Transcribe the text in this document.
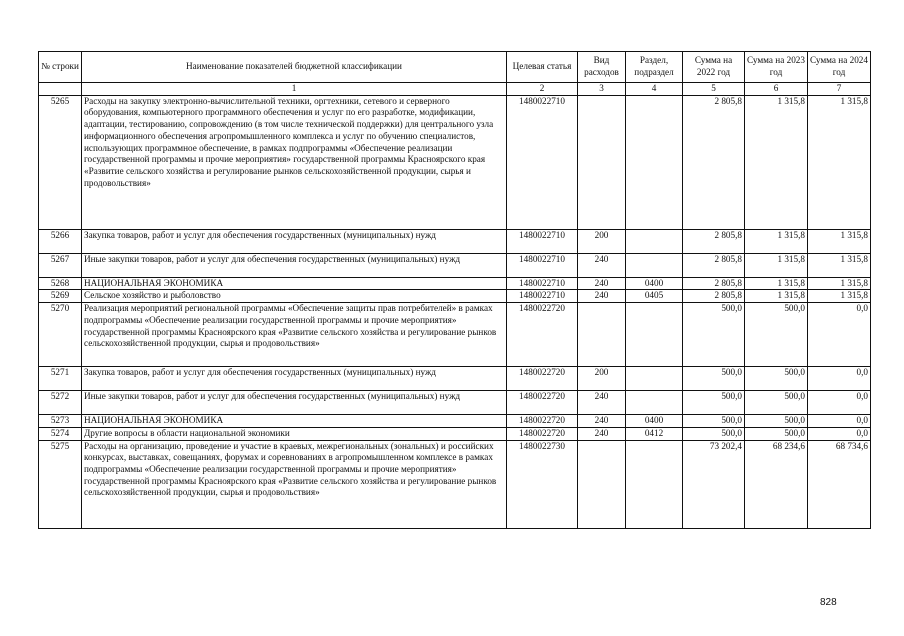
№ строки	Наименование показателей бюджетной классификации	Целевая статья	Вид расходов	Раздел, подраздел	Сумма на 2022 год	Сумма на 2023 год	Сумма на 2024 год
	1	2	3	4	5	6	7
5265	Расходы на закупку электронно-вычислительной техники, оргтехники, сетевого и серверного оборудования, компьютерного программного обеспечения и услуг по его разработке, модификации, адаптации, тестированию, сопровождению (в том числе технической поддержки) для центрального узла информационного обеспечения агропромышленного комплекса и услуг по обучению специалистов, использующих программное обеспечение, в рамках подпрограммы «Обеспечение реализации государственной программы и прочие мероприятия» государственной программы Красноярского края «Развитие сельского хозяйства и регулирование рынков сельскохозяйственной продукции, сырья и продовольствия»	1480022710			2 805,8	1 315,8	1 315,8
5266	Закупка товаров, работ и услуг для обеспечения государственных (муниципальных) нужд	1480022710	200		2 805,8	1 315,8	1 315,8
5267	Иные закупки товаров, работ и услуг для обеспечения государственных (муниципальных) нужд	1480022710	240		2 805,8	1 315,8	1 315,8
5268	НАЦИОНАЛЬНАЯ ЭКОНОМИКА	1480022710	240	0400	2 805,8	1 315,8	1 315,8
5269	Сельское хозяйство и рыболовство	1480022710	240	0405	2 805,8	1 315,8	1 315,8
5270	Реализация мероприятий региональной программы «Обеспечение защиты прав потребителей» в рамках подпрограммы «Обеспечение реализации государственной программы и прочие мероприятия» государственной программы Красноярского края «Развитие сельского хозяйства и регулирование рынков сельскохозяйственной продукции, сырья и продовольствия»	1480022720			500,0	500,0	0,0
5271	Закупка товаров, работ и услуг для обеспечения государственных (муниципальных) нужд	1480022720	200		500,0	500,0	0,0
5272	Иные закупки товаров, работ и услуг для обеспечения государственных (муниципальных) нужд	1480022720	240		500,0	500,0	0,0
5273	НАЦИОНАЛЬНАЯ ЭКОНОМИКА	1480022720	240	0400	500,0	500,0	0,0
5274	Другие вопросы в области национальной экономики	1480022720	240	0412	500,0	500,0	0,0
5275	Расходы на организацию, проведение и участие в краевых, межрегиональных (зональных) и российских конкурсах, выставках, совещаниях, форумах и соревнованиях в агропромышленном комплексе в рамках подпрограммы «Обеспечение реализации государственной программы и прочие мероприятия» государственной программы Красноярского края «Развитие сельского хозяйства и регулирование рынков сельскохозяйственной продукции, сырья и продовольствия»	1480022730			73 202,4	68 234,6	68 734,6
828
